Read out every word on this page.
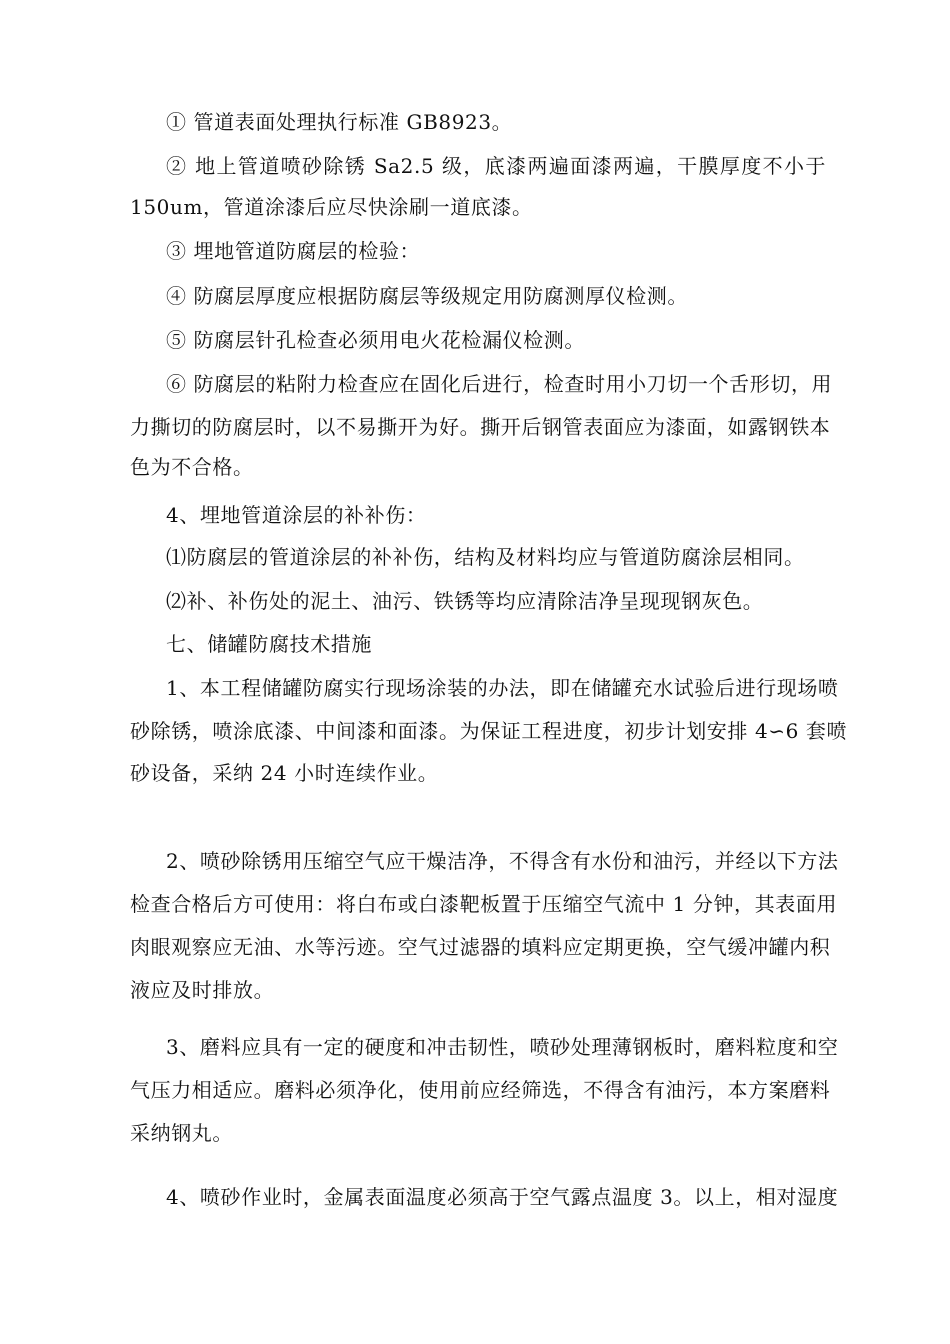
① 管道表面处理执行标准 GB8923。
② 地上管道喷砂除锈 Sa2.5 级，底漆两遍面漆两遍，干膜厚度不小于
150um，管道涂漆后应尽快涂刷一道底漆。
③ 埋地管道防腐层的检验：
④ 防腐层厚度应根据防腐层等级规定用防腐测厚仪检测。
⑤ 防腐层针孔检查必须用电火花检漏仪检测。
⑥ 防腐层的粘附力检查应在固化后进行，检查时用小刀切一个舌形切，用
力撕切的防腐层时，以不易撕开为好。撕开后钢管表面应为漆面，如露钢铁本
色为不合格。
4、埋地管道涂层的补补伤：
⑴防腐层的管道涂层的补补伤，结构及材料均应与管道防腐涂层相同。
⑵补、补伤处的泥土、油污、铁锈等均应清除洁净呈现现钢灰色。
七、储罐防腐技术措施
1、本工程储罐防腐实行现场涂装的办法，即在储罐充水试验后进行现场喷
砂除锈，喷涂底漆、中间漆和面漆。为保证工程进度，初步计划安排 4∽6 套喷
砂设备，采纳 24 小时连续作业。
2、喷砂除锈用压缩空气应干燥洁净，不得含有水份和油污，并经以下方法
检查合格后方可使用：将白布或白漆靶板置于压缩空气流中 1 分钟，其表面用
肉眼观察应无油、水等污迹。空气过滤器的填料应定期更换，空气缓冲罐内积
液应及时排放。
3、磨料应具有一定的硬度和冲击韧性，喷砂处理薄钢板时，磨料粒度和空
气压力相适应。磨料必须净化，使用前应经筛选，不得含有油污，本方案磨料
采纳钢丸。
4、喷砂作业时，金属表面温度必须高于空气露点温度 3。以上，相对湿度
